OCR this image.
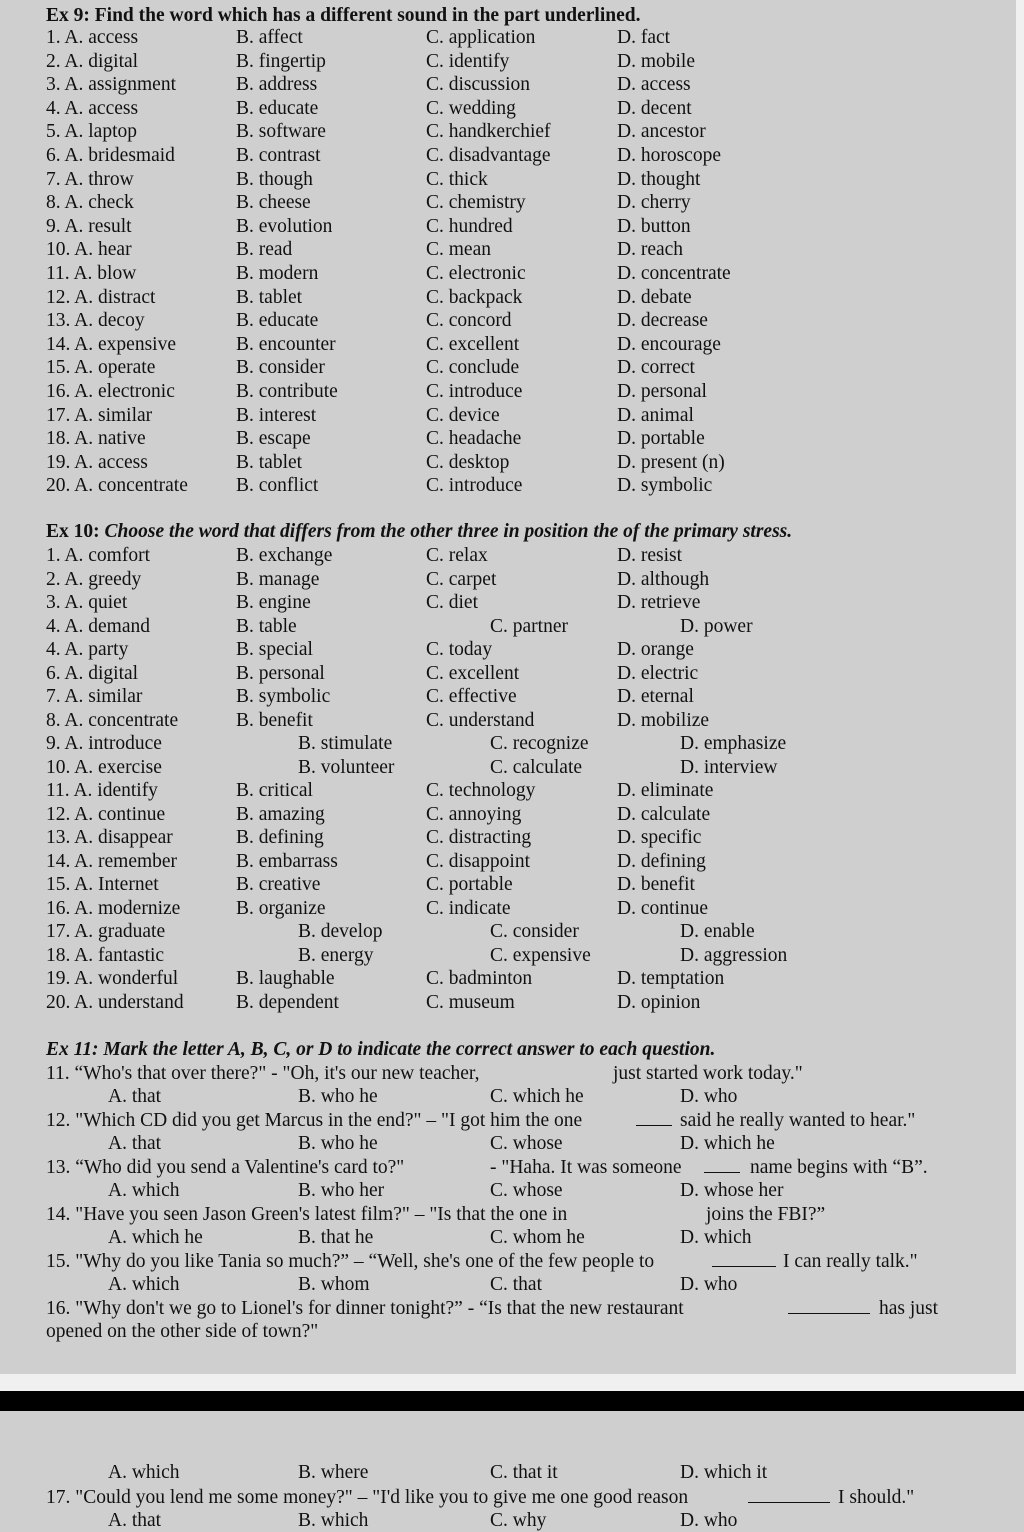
Ex 9: Find the word which has a different sound in the part underlined.
1. A. access	B. affect	C. application	D. fact
2. A. digital	B. fingertip	C. identify	D. mobile
3. A. assignment	B. address	C. discussion	D. access
4. A. access	B. educate	C. wedding	D. decent
5. A. laptop	B. software	C. handkerchief	D. ancestor
6. A. bridesmaid	B. contrast	C. disadvantage	D. horoscope
7. A. throw	B. though	C. thick	D. thought
8. A. check	B. cheese	C. chemistry	D. cherry
9. A. result	B. evolution	C. hundred	D. button
10. A. hear	B. read	C. mean	D. reach
11. A. blow	B. modern	C. electronic	D. concentrate
12. A. distract	B. tablet	C. backpack	D. debate
13. A. decoy	B. educate	C. concord	D. decrease
14. A. expensive	B. encounter	C. excellent	D. encourage
15. A. operate	B. consider	C. conclude	D. correct
16. A. electronic	B. contribute	C. introduce	D. personal
17. A. similar	B. interest	C. device	D. animal
18. A. native	B. escape	C. headache	D. portable
19. A. access	B. tablet	C. desktop	D. present (n)
20. A. concentrate B. conflict	C. introduce	D. symbolic
Ex 10: Choose the word that differs from the other three in position the of the primary stress.
1. A. comfort	B. exchange	C. relax	D. resist
2. A. greedy	B. manage	C. carpet	D. although
3. A. quiet	B. engine	C. diet	D. retrieve
4. A. demand	B. table	C. partner	D. power
4. A. party	B. special	C. today	D. orange
6. A. digital	B. personal	C. excellent	D. electric
7. A. similar	B. symbolic	C. effective	D. eternal
8. A. concentrate	B. benefit	C. understand	D. mobilize
9. A. introduce	B. stimulate	C. recognize	D. emphasize
10. A. exercise	B. volunteer	C. calculate	D. interview
11. A. identify	B. critical	C. technology	D. eliminate
12. A. continue	B. amazing	C. annoying	D. calculate
13. A. disappear	B. defining	C. distracting	D. specific
14. A. remember	B. embarrass	C. disappoint	D. defining
15. A. Internet	B. creative	C. portable	D. benefit
16. A. modernize	B. organize	C. indicate	D. continue
17. A. graduate	B. develop	C. consider	D. enable
18. A. fantastic	B. energy	C. expensive	D. aggression
19. A. wonderful	B. laughable	C. badminton	D. temptation
20. A. understand	B. dependent	C. museum	D. opinion
Ex 11: Mark the letter A, B, C, or D to indicate the correct answer to each question.
11. “Who's that over there?" - "Oh, it's our new teacher,	just started work today."
A. that	B. who he	C. which he	D. who
12. "Which CD did you get Marcus in the end?" – "I got him the one	said he really wanted to hear."
A. that	B. who he	C. whose	D. which he
13. “Who did you send a Valentine's card to?"	- "Haha. It was someone	name begins with “B”.
A. which	B. who her	C. whose	D. whose her
14. "Have you seen Jason Green's latest film?" – "Is that the one in	joins the FBI?”
A. which he	B. that he	C. whom he	D. which
15. "Why do you like Tania so much?” – “Well, she's one of the few people to	I can really talk."
A. which	B. whom	C. that	D. who
16. "Why don't we go to Lionel's for dinner tonight?” - “Is that the new restaurant	has just
opened on the other side of town?"
A. which	B. where	C. that it	D. which it
17. "Could you lend me some money?" – "I'd like you to give me one good reason	I should."
A. that	B. which	C. why	D. who
